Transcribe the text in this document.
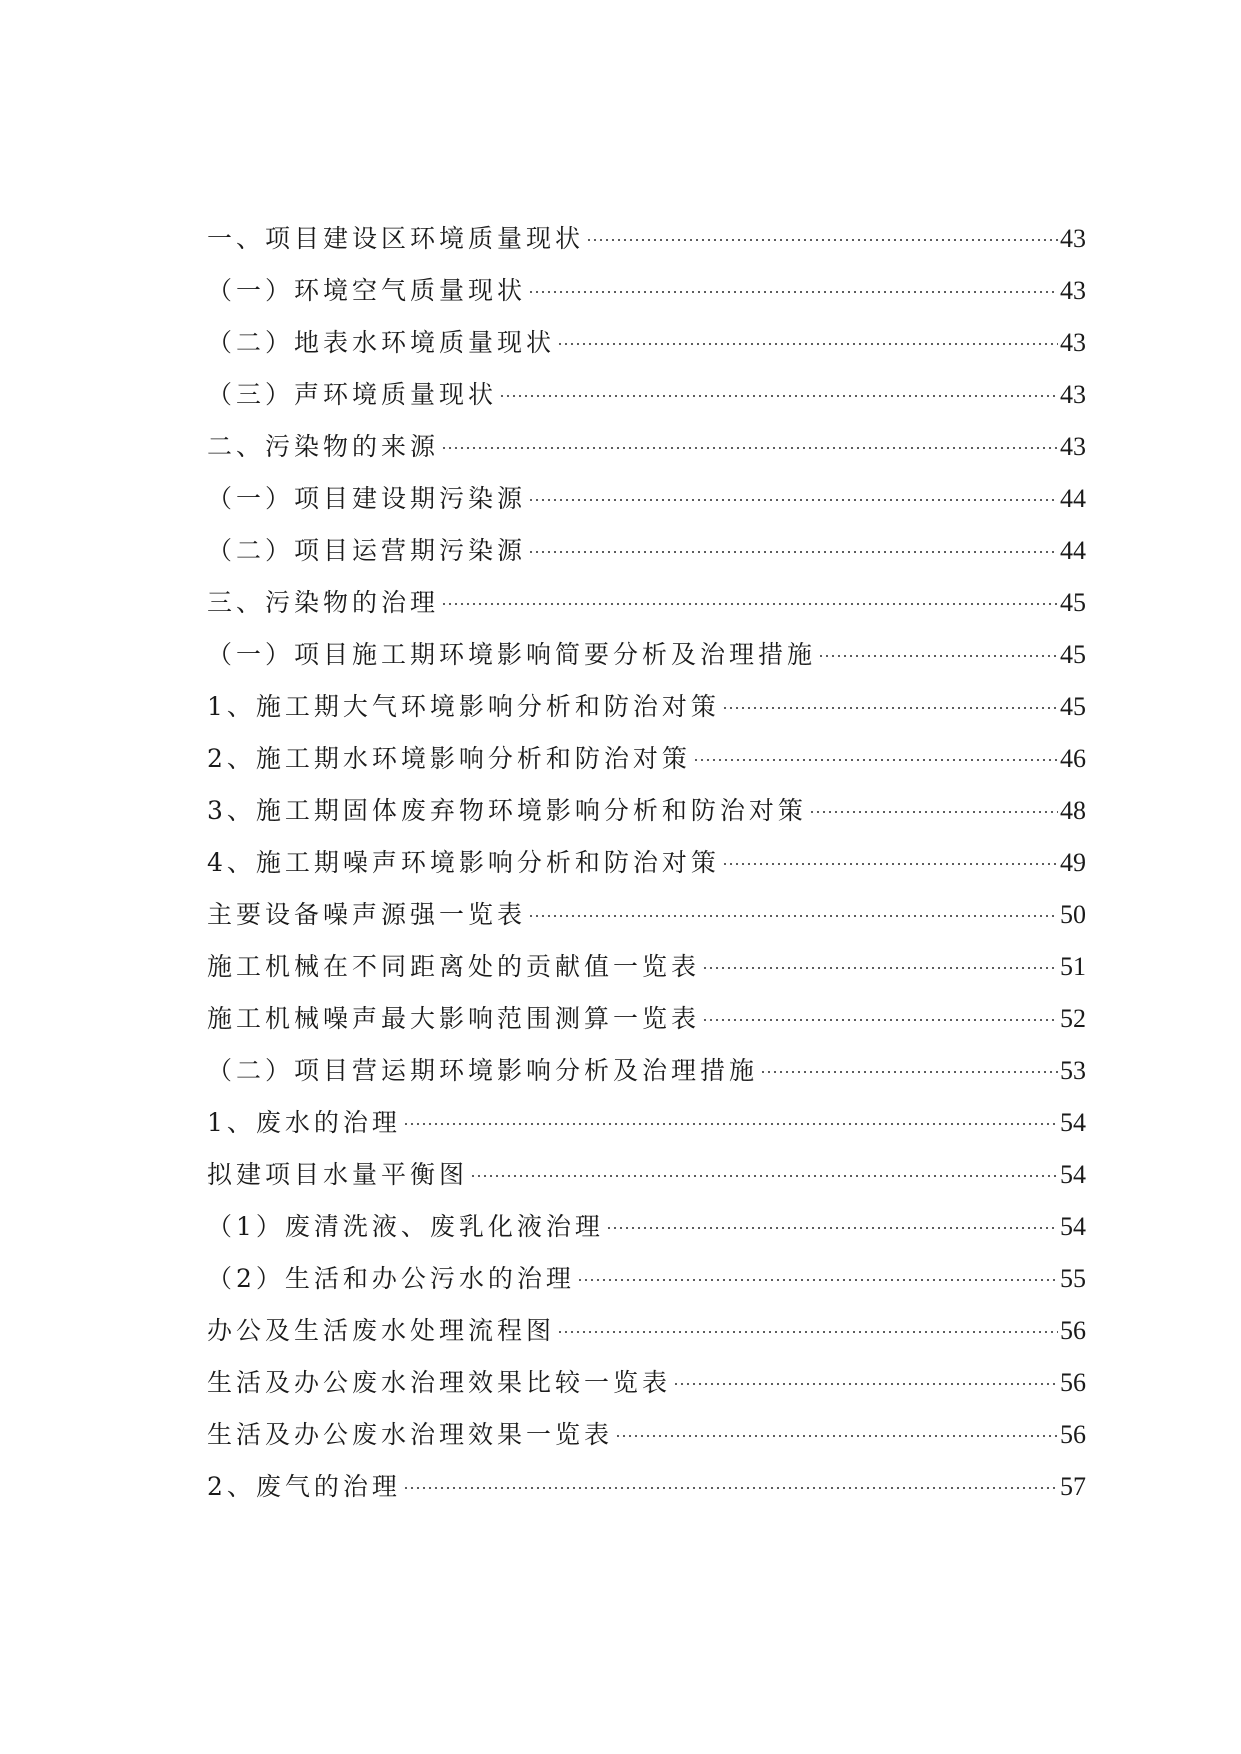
一、项目建设区环境质量现状	43
（一）环境空气质量现状	43
（二）地表水环境质量现状	43
（三）声环境质量现状	43
二、污染物的来源	43
（一）项目建设期污染源	44
（二）项目运营期污染源	44
三、污染物的治理	45
（一）项目施工期环境影响简要分析及治理措施	45
1、施工期大气环境影响分析和防治对策	45
2、施工期水环境影响分析和防治对策	46
3、施工期固体废弃物环境影响分析和防治对策	48
4、施工期噪声环境影响分析和防治对策	49
主要设备噪声源强一览表	50
施工机械在不同距离处的贡献值一览表	51
施工机械噪声最大影响范围测算一览表	52
（二）项目营运期环境影响分析及治理措施	53
1、废水的治理	54
拟建项目水量平衡图	54
（1）废清洗液、废乳化液治理	54
（2）生活和办公污水的治理	55
办公及生活废水处理流程图	56
生活及办公废水治理效果比较一览表	56
生活及办公废水治理效果一览表	56
2、废气的治理	57
